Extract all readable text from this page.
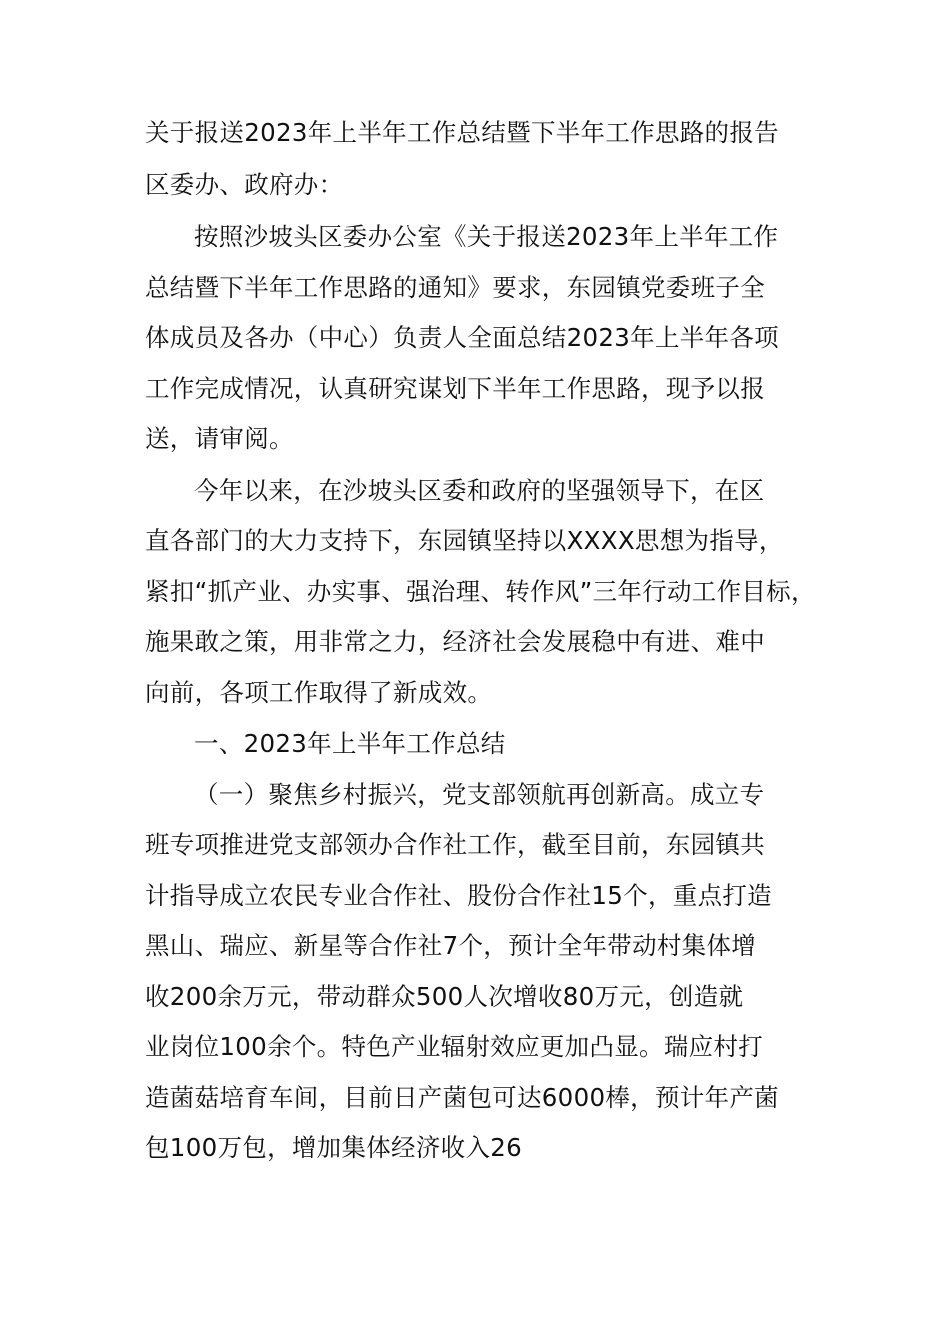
关于报送2023年上半年工作总结暨下半年工作思路的报告
区委办、政府办：
按照沙坡头区委办公室《关于报送2023年上半年工作
总结暨下半年工作思路的通知》要求，东园镇党委班子全
体成员及各办（中心）负责人全面总结2023年上半年各项
工作完成情况，认真研究谋划下半年工作思路，现予以报
送，请审阅。
今年以来，在沙坡头区委和政府的坚强领导下，在区
直各部门的大力支持下，东园镇坚持以XXXX思想为指导，
紧扣“抓产业、办实事、强治理、转作风”三年行动工作目标，
施果敢之策，用非常之力，经济社会发展稳中有进、难中
向前，各项工作取得了新成效。
一、2023年上半年工作总结
（一）聚焦乡村振兴，党支部领航再创新高。成立专
班专项推进党支部领办合作社工作，截至目前，东园镇共
计指导成立农民专业合作社、股份合作社15个，重点打造
黑山、瑞应、新星等合作社7个，预计全年带动村集体增
收200余万元，带动群众500人次增收80万元，创造就
业岗位100余个。特色产业辐射效应更加凸显。瑞应村打
造菌菇培育车间，目前日产菌包可达6000棒，预计年产菌
包100万包，增加集体经济收入26
